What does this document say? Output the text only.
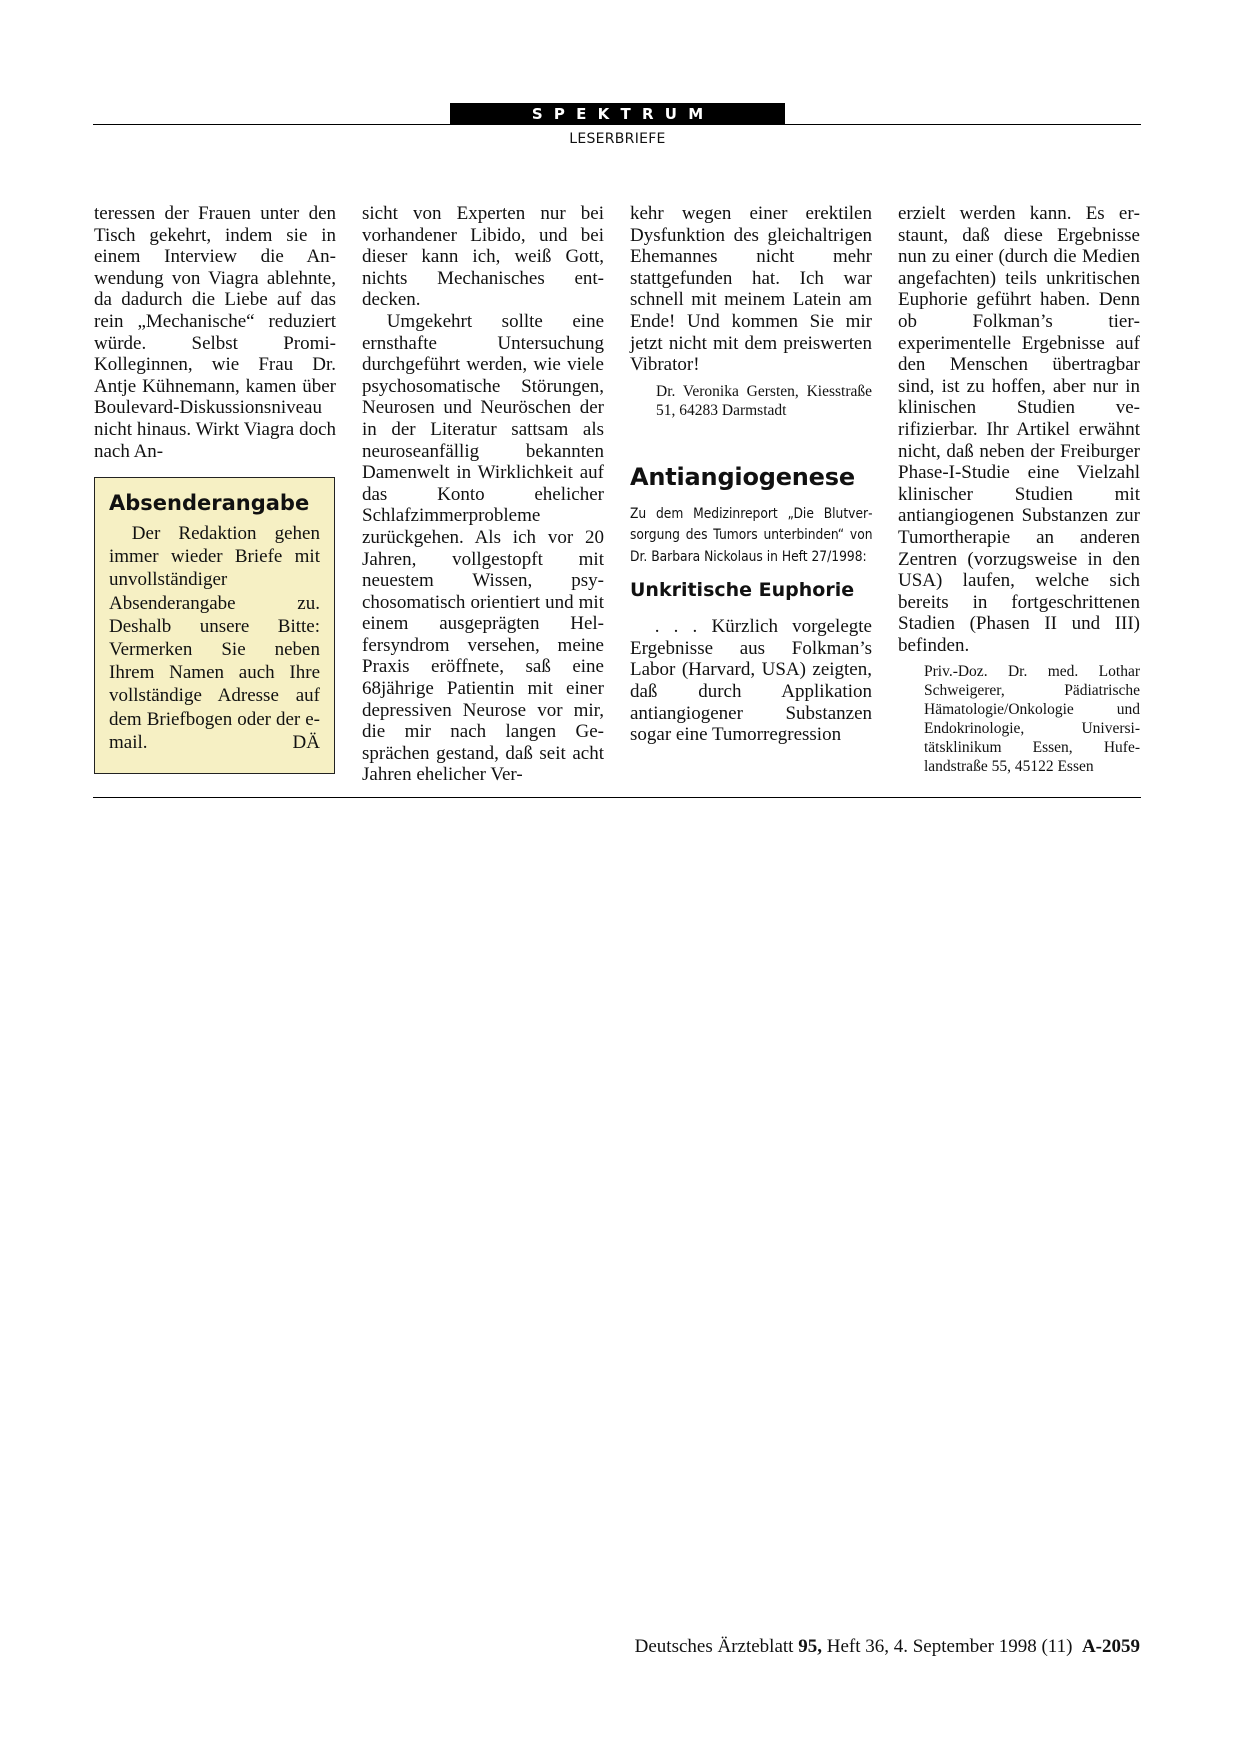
SPEKTRUM
LESERBRIEFE

teressen der Frauen unter den Tisch gekehrt, indem sie in einem Interview die Anwendung von Viagra ablehnte, da dadurch die Liebe auf das rein „Mechanische“ reduziert würde. Selbst Promi-Kolleginnen, wie Frau Dr. Antje Kühnemann, kamen über Boulevard-Diskussionsniveau nicht hinaus. Wirkt Viagra doch nach An-

Absenderangabe

Der Redaktion gehen immer wieder Briefe mit unvollständiger Absenderangabe zu. Deshalb unsere Bitte: Vermerken Sie neben Ihrem Namen auch Ihre vollständige Adresse auf dem Briefbogen oder der e-mail.	DÄ

sicht von Experten nur bei vorhandener Libido, und bei dieser kann ich, weiß Gott, nichts Mechanisches entdecken.

Umgekehrt sollte eine ernsthafte Untersuchung durchgeführt werden, wie viele psychosomatische Störungen, Neurosen und Neuröschen der in der Literatur sattsam als neuroseanfällig bekannten Damenwelt in Wirklichkeit auf das Konto ehelicher Schlafzimmerprobleme zurückgehen. Als ich vor 20 Jahren, vollgestopft mit neuestem Wissen, psychosomatisch orientiert und mit einem ausgeprägten Helfersyndrom versehen, meine Praxis eröffnete, saß eine 68jährige Patientin mit einer depressiven Neurose vor mir, die mir nach langen Gesprächen gestand, daß seit acht Jahren ehelicher Ver-

kehr wegen einer erektilen Dysfunktion des gleichaltrigen Ehemannes nicht mehr stattgefunden hat. Ich war schnell mit meinem Latein am Ende! Und kommen Sie mir jetzt nicht mit dem preiswerten Vibrator!

Dr. Veronika Gersten, Kiesstraße 51, 64283 Darmstadt

Antiangiogenese

Zu dem Medizinreport „Die Blutversorgung des Tumors unterbinden“ von Dr. Barbara Nickolaus in Heft 27/1998:

Unkritische Euphorie

. . . Kürzlich vorgelegte Ergebnisse aus Folkman’s Labor (Harvard, USA) zeigten, daß durch Applikation antiangiogener Substanzen sogar eine Tumorregression

erzielt werden kann. Es erstaunt, daß diese Ergebnisse nun zu einer (durch die Medien angefachten) teils unkritischen Euphorie geführt haben. Denn ob Folkman’s tierexperimentelle Ergebnisse auf den Menschen übertragbar sind, ist zu hoffen, aber nur in klinischen Studien verifizierbar. Ihr Artikel erwähnt nicht, daß neben der Freiburger Phase-I-Studie eine Vielzahl klinischer Studien mit antiangiogenen Substanzen zur Tumortherapie an anderen Zentren (vorzugsweise in den USA) laufen, welche sich bereits in fortgeschrittenen Stadien (Phasen II und III) befinden.

Priv.-Doz. Dr. med. Lothar Schweigerer, Pädiatrische Hämatologie/Onkologie und Endokrinologie, Universitätsklinikum Essen, Hufelandstraße 55, 45122 Essen

Deutsches Ärzteblatt 95, Heft 36, 4. September 1998 (11) A-2059
